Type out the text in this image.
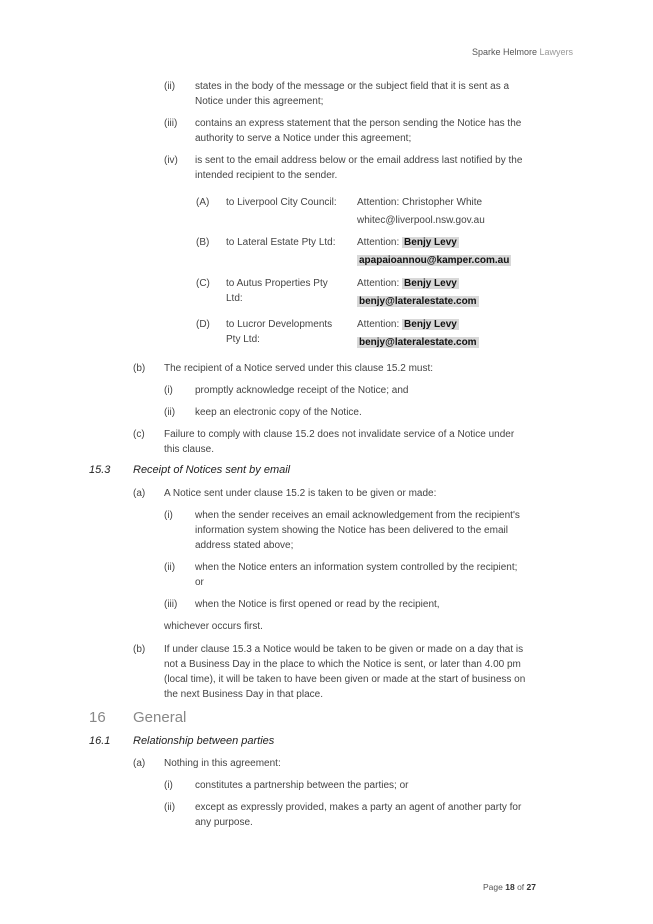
Sparke Helmore Lawyers
(ii) states in the body of the message or the subject field that it is sent as a
Notice under this agreement;
(iii) contains an express statement that the person sending the Notice has the
authority to serve a Notice under this agreement;
(iv) is sent to the email address below or the email address last notified by the
intended recipient to the sender.
(A) to Liverpool City Council:	Attention: Christopher White
whitec@liverpool.nsw.gov.au
(B) to Lateral Estate Pty Ltd:	Attention: Benjy Levy
apapaioannou@kamper.com.au
(C) to Autus Properties Pty
Ltd:
Attention: Benjy Levy
benjy@lateralestate.com
(D) to Lucror Developments
Pty Ltd:
Attention: Benjy Levy
benjy@lateralestate.com
(b) The recipient of a Notice served under this clause 15.2 must:
(i) promptly acknowledge receipt of the Notice; and
(ii) keep an electronic copy of the Notice.
(c) Failure to comply with clause 15.2 does not invalidate service of a Notice under
this clause.
15.3 Receipt of Notices sent by email
(a) A Notice sent under clause 15.2 is taken to be given or made:
(i) when the sender receives an email acknowledgement from the recipient's
information system showing the Notice has been delivered to the email
address stated above;
(ii) when the Notice enters an information system controlled by the recipient;
or
(iii) when the Notice is first opened or read by the recipient,
whichever occurs first.
(b) If under clause 15.3 a Notice would be taken to be given or made on a day that is
not a Business Day in the place to which the Notice is sent, or later than 4.00 pm
(local time), it will be taken to have been given or made at the start of business on
the next Business Day in that place.
16 General
16.1 Relationship between parties
(a) Nothing in this agreement:
(i) constitutes a partnership between the parties; or
(ii) except as expressly provided, makes a party an agent of another party for
any purpose.
Page 18 of 27
